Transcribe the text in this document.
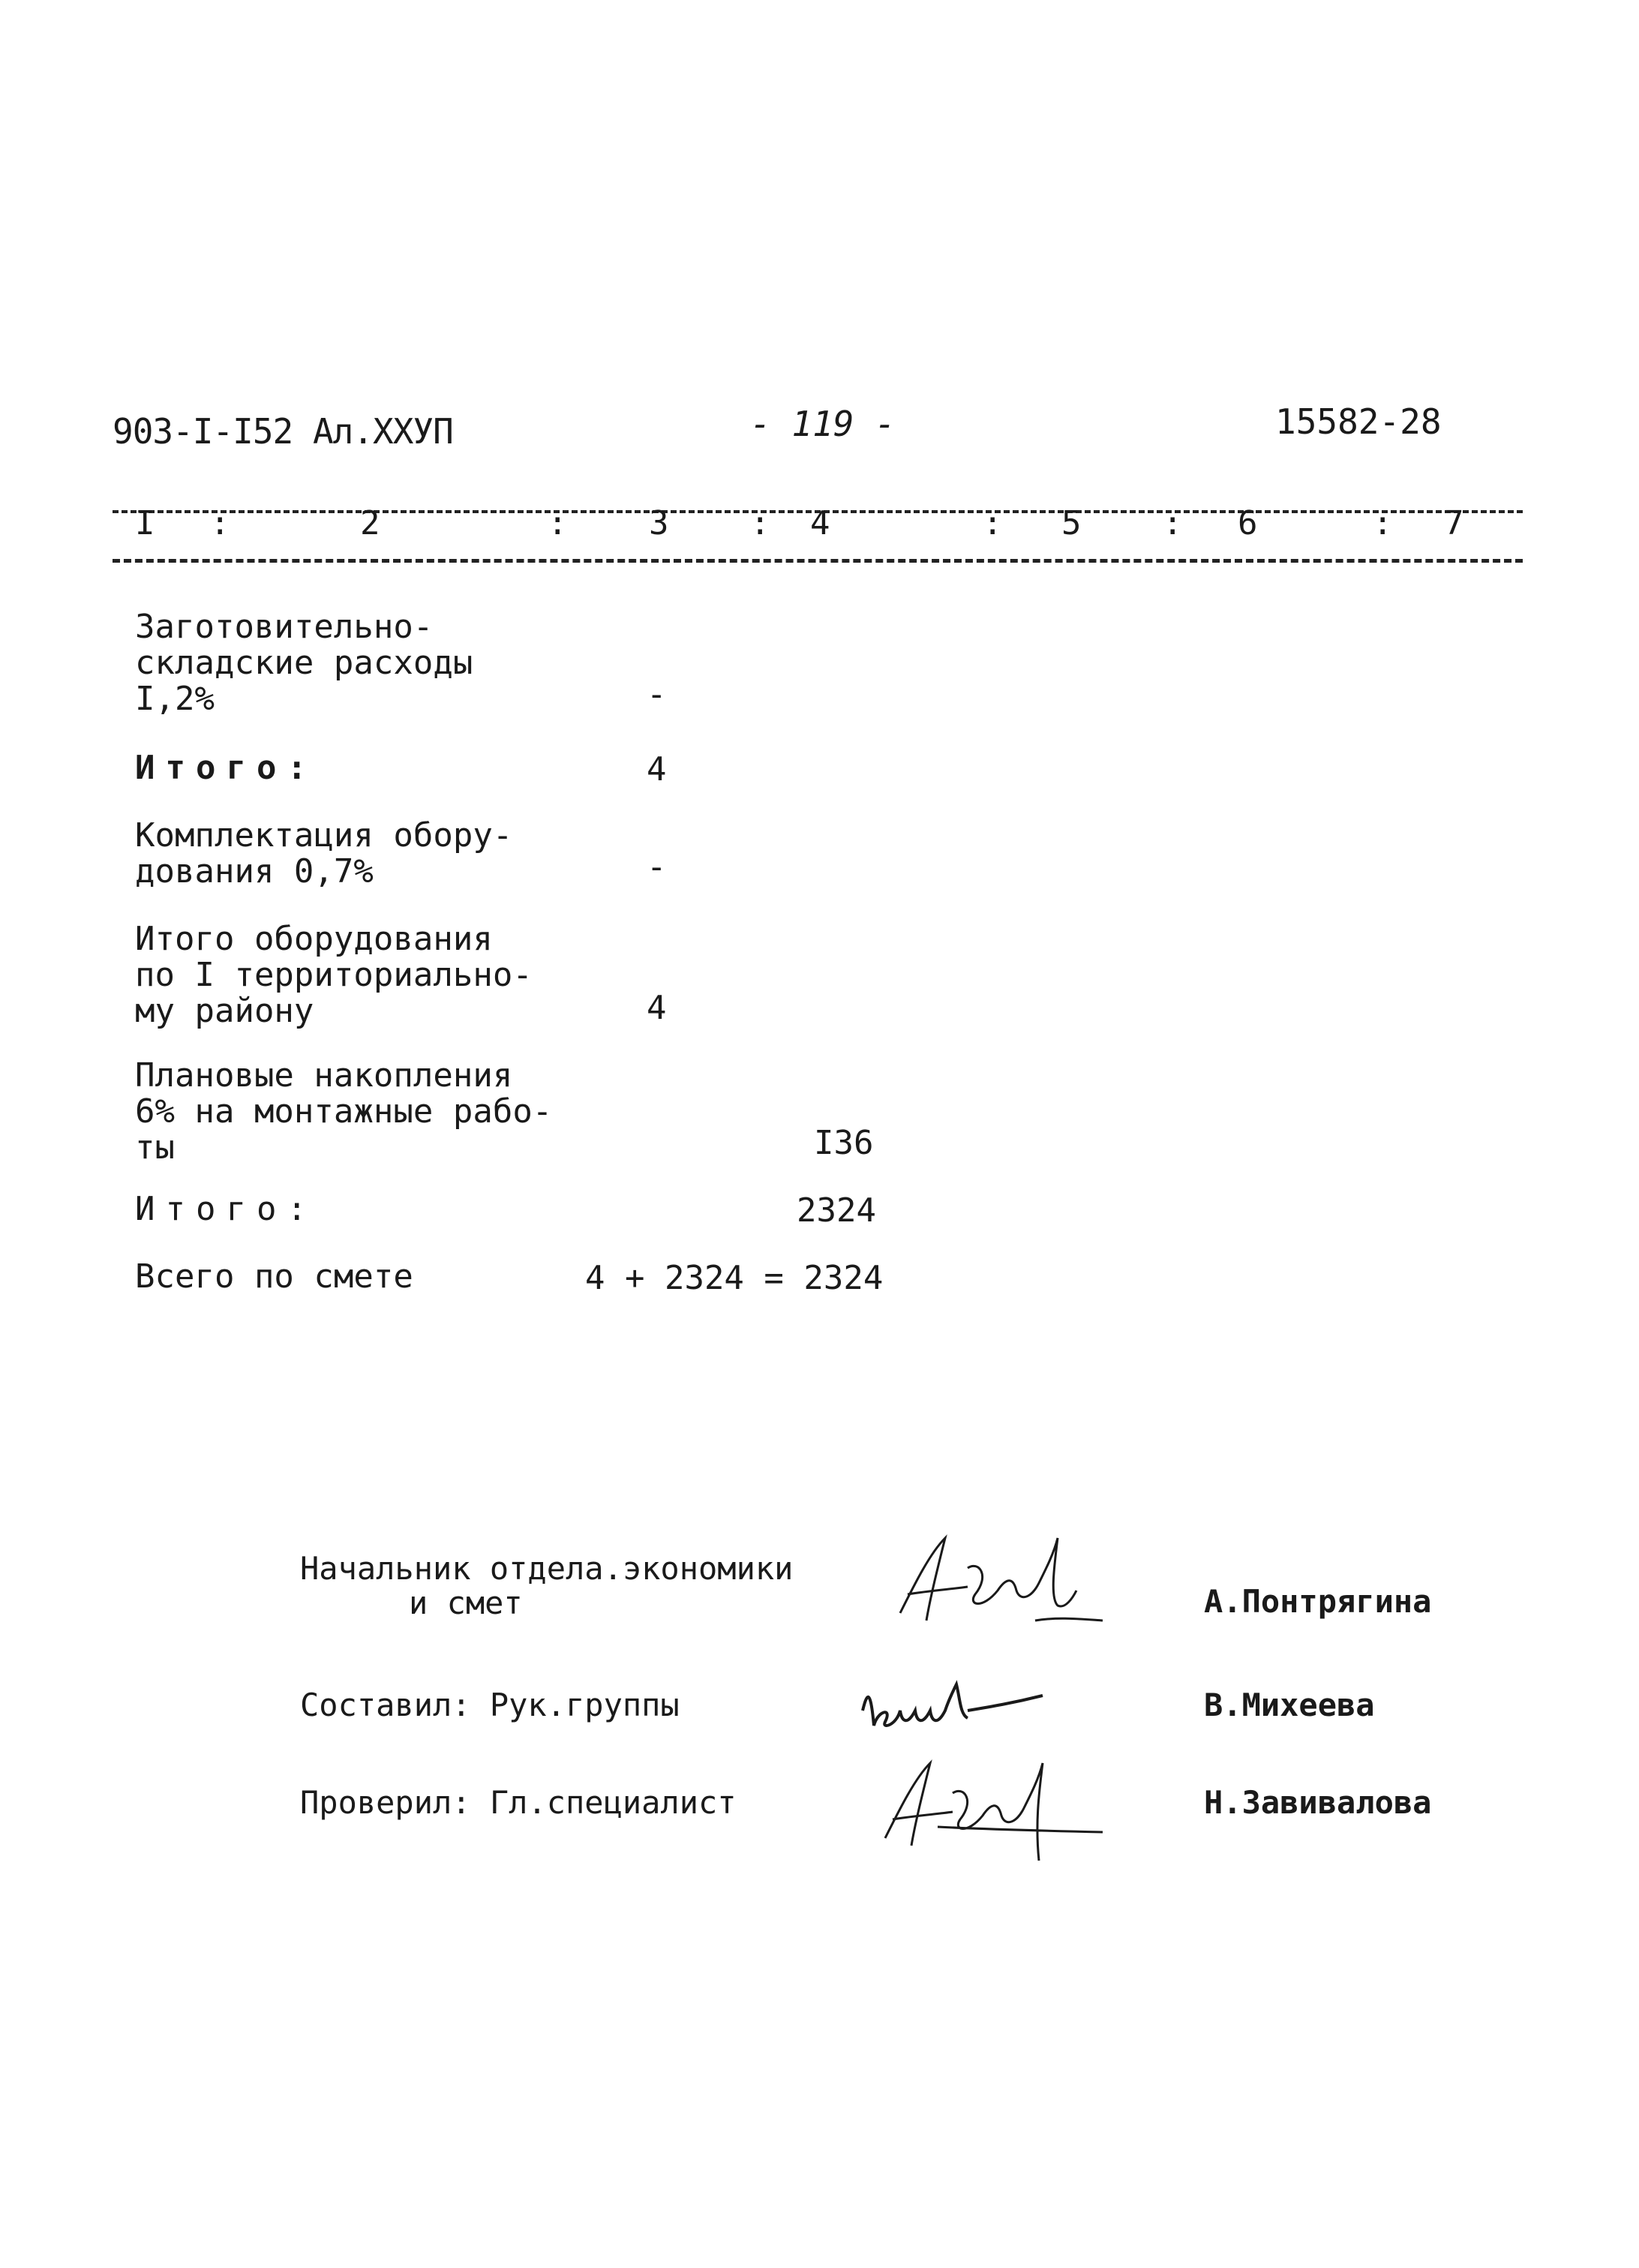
903-I-I52 Ал.XXУП	- 119 -	15582-28
I :	2	: 3 : 4	: 5 : 6	: 7
Заготовительно-
складские расходы
I,2%	-
Итого:	4
Комплектация обору-
дования 0,7%	-
Итого оборудования
по I территориально-
му району	4
Плановые накопления
6% на монтажные рабо-
ты	I36
Итого:	2324
Всего по смете	4 + 2324 = 2324
Начальник отдела.экономики
и смет	А.Понтрягина
Составил: Рук.группы	В.Михеева
Проверил: Гл.специалист	Н.Завивалова
